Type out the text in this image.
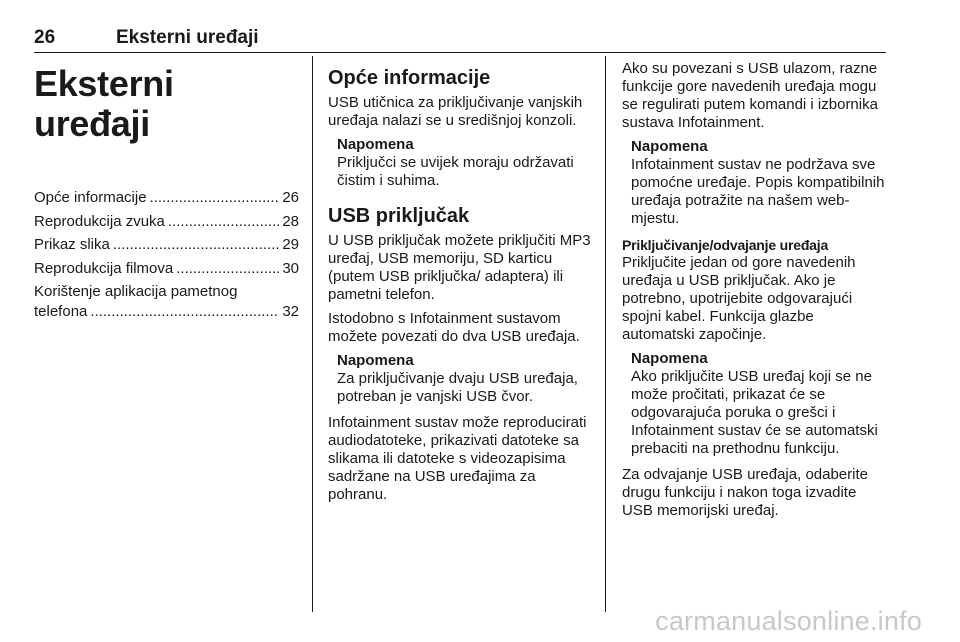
26	Eksterni uređaji
Eksterni uređaji
Opće informacije .....	26
Reprodukcija zvuka .....	28
Prikaz slika .....	29
Reprodukcija filmova .....	30
Korištenje aplikacija pametnog
telefona .....	32
Opće informacije

USB utičnica za priključivanje vanjskih uređaja nalazi se u središnjoj konzoli.

Napomena
Priključci se uvijek moraju održavati čistim i suhima.
USB priključak

U USB priključak možete priključiti MP3 uređaj, USB memoriju, SD karticu (putem USB priključka/ adaptera) ili pametni telefon.

Istodobno s Infotainment sustavom možete povezati do dva USB uređaja.

Napomena
Za priključivanje dvaju USB uređaja, potreban je vanjski USB čvor.

Infotainment sustav može reproducirati audiodatoteke, prikazivati datoteke sa slikama ili datoteke s videozapisima sadržane na USB uređajima za pohranu.

Ako su povezani s USB ulazom, razne funkcije gore navedenih uređaja mogu se regulirati putem komandi i izbornika sustava Infotainment.

Napomena
Infotainment sustav ne podržava sve pomoćne uređaje. Popis kompatibilnih uređaja potražite na našem web-mjestu.
Priključivanje/odvajanje uređaja

Priključite jedan od gore navedenih uređaja u USB priključak. Ako je potrebno, upotrijebite odgovarajući spojni kabel. Funkcija glazbe automatski započinje.

Napomena
Ako priključite USB uređaj koji se ne može pročitati, prikazat će se odgovarajuća poruka o grešci i Infotainment sustav će se automatski prebaciti na prethodnu funkciju.

Za odvajanje USB uređaja, odaberite drugu funkciju i nakon toga izvadite USB memorijski uređaj.

carmanualsonline.info
